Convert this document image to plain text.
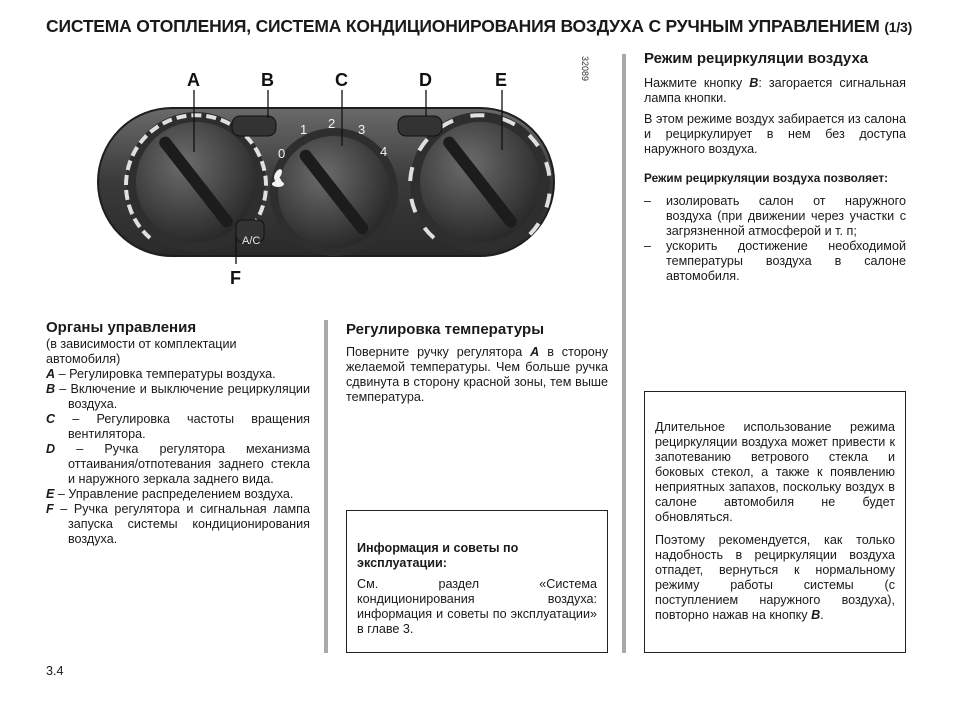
СИСТЕМА ОТОПЛЕНИЯ, СИСТЕМА КОНДИЦИОНИРОВАНИЯ ВОЗДУХА С РУЧНЫМ УПРАВЛЕНИЕМ (1/3)
A/C
0
1 2 3
4
A	B	C	D	E
F
32089
Органы управления

(в зависимости от комплектации автомобиля)

A – Регулировка температуры воздуха.

B – Включение и выключение рециркуляции воздуха.

C – Регулировка частоты вращения вентилятора.

D – Ручка регулятора механизма оттаивания/отпотевания заднего стекла и наружного зеркала заднего вида.

E – Управление распределением воздуха.

F – Ручка регулятора и сигнальная лампа запуска системы кондиционирования воздуха.

Регулировка температуры

Поверните ручку регулятора A в сторону желаемой температуры. Чем больше ручка сдвинута в сторону красной зоны, тем выше температура.

Информация и советы по эксплуатации:

См. раздел «Система кондиционирования воздуха: информация и советы по эксплуатации» в главе 3.

Режим рециркуляции воздуха

Нажмите кнопку B: загорается сигнальная лампа кнопки.

В этом режиме воздух забирается из салона и рециркулирует в нем без доступа наружного воздуха.

Режим рециркуляции воздуха позволяет:

– изолировать салон от наружного воздуха (при движении через участки с загрязненной атмосферой и т. п;

– ускорить достижение необходимой температуры воздуха в салоне автомобиля.

Длительное использование режима рециркуляции воздуха может привести к запотеванию ветрового стекла и боковых стекол, а также к появлению неприятных запахов, поскольку воздух в салоне автомобиля не будет обновляться.

Поэтому рекомендуется, как только надобность в рециркуляции воздуха отпадет, вернуться к нормальному режиму работы системы (с поступлением наружного воздуха), повторно нажав на кнопку B.

3.4
